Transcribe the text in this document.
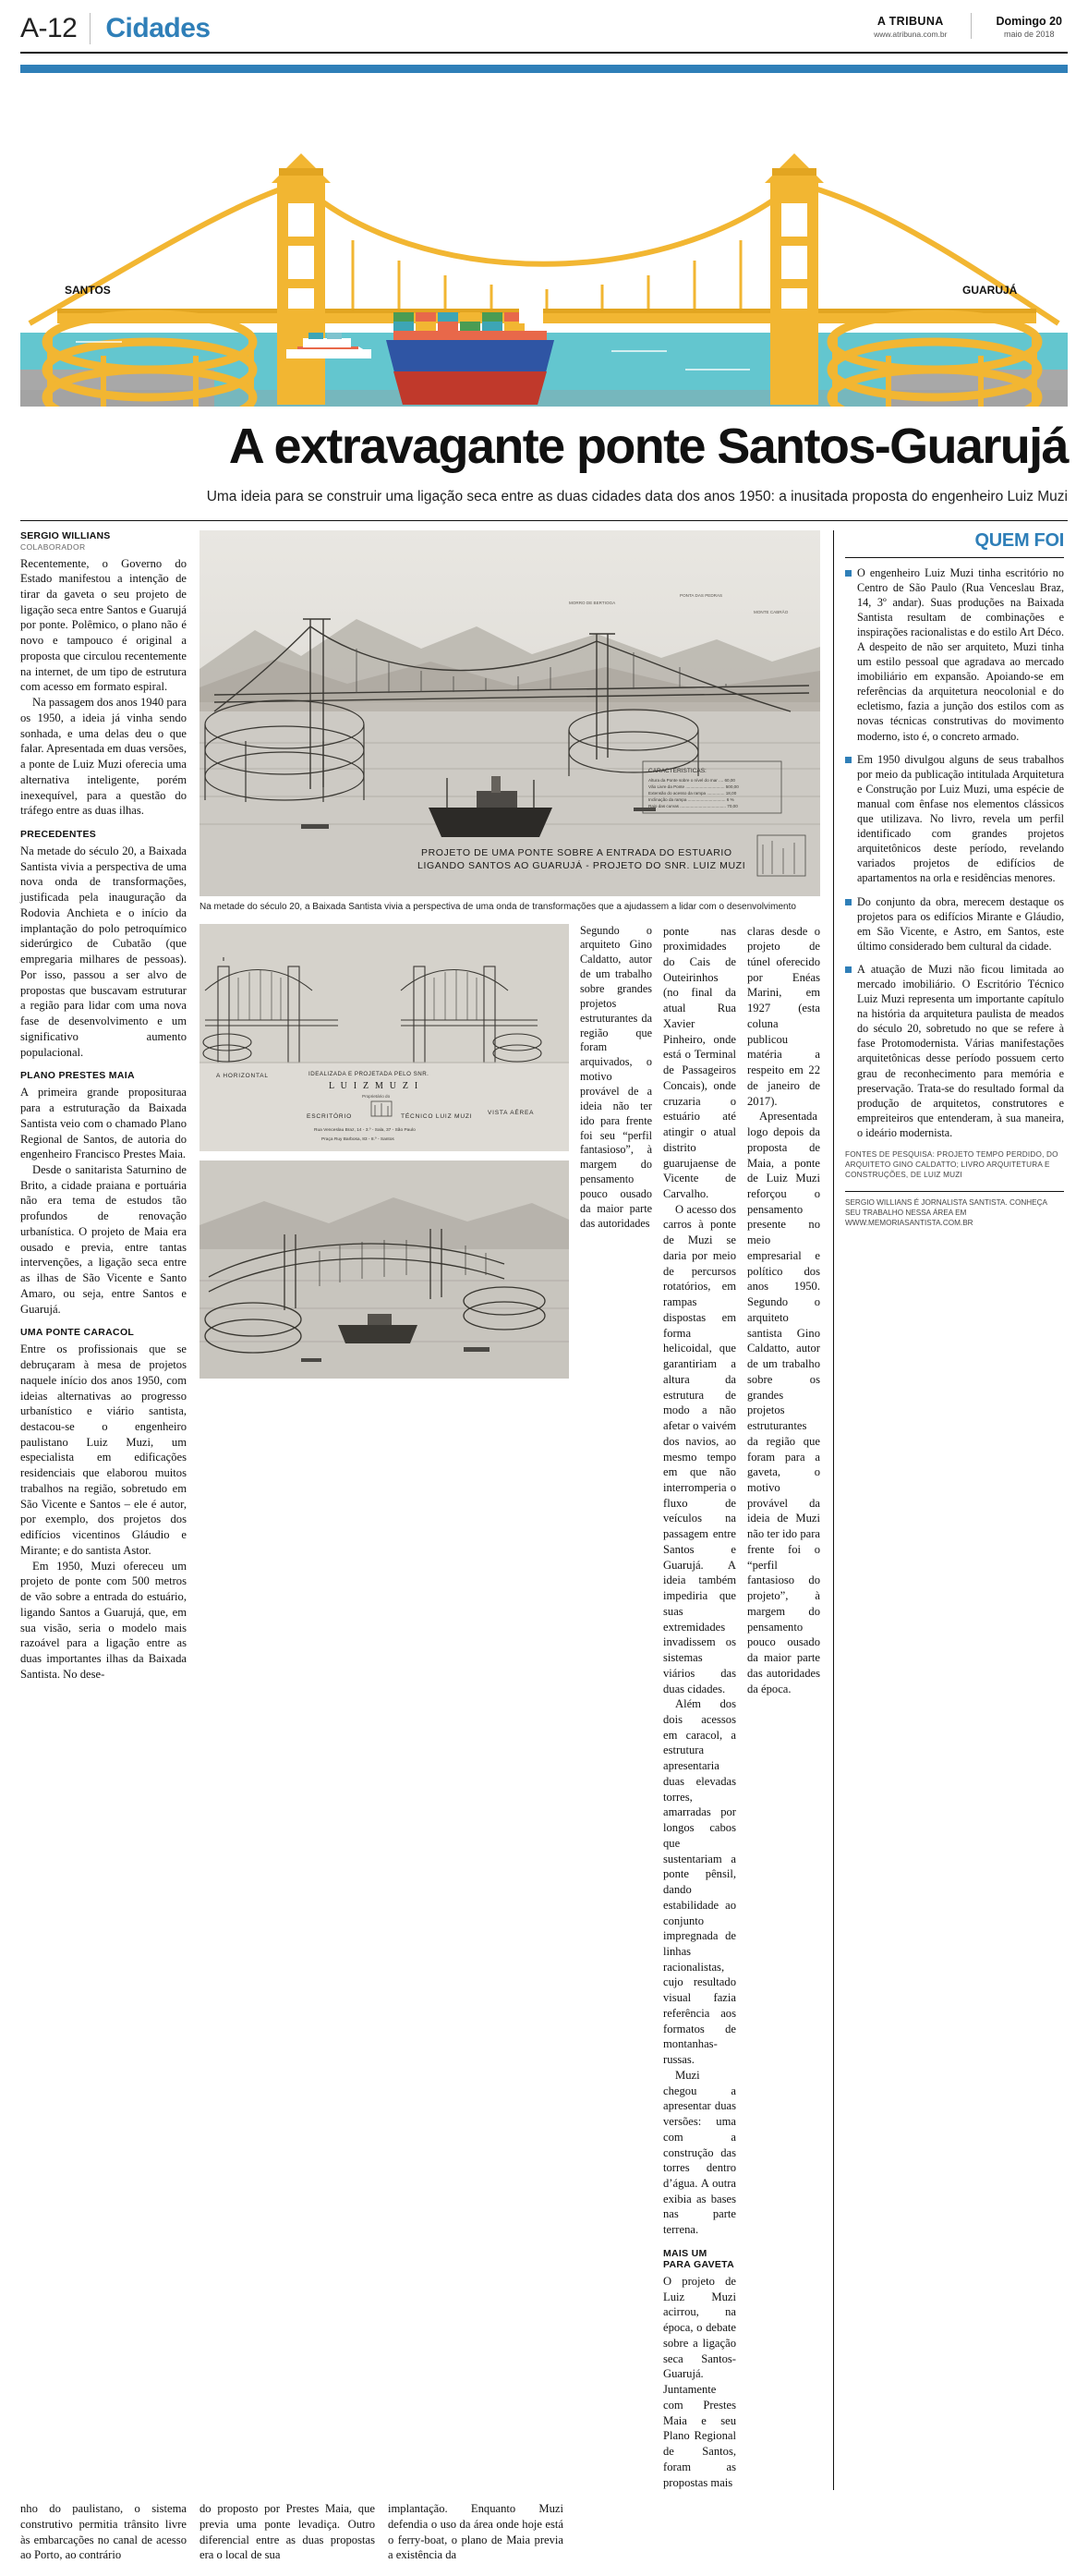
A-12	Cidades	A TRIBUNA
www.atribuna.com.br
Domingo 20
maio de 2018
SANTOS	GUARUJÁ
A extravagante ponte Santos-Guarujá
Uma ideia para se construir uma ligação seca entre as duas cidades data dos anos 1950: a inusitada proposta do engenheiro Luiz Muzi
SERGIO WILLIANS
COLABORADOR

Recentemente, o Governo do Estado manifestou a intenção de tirar da gaveta o seu projeto de ligação seca entre Santos e Guarujá por ponte. Polêmico, o plano não é novo e tampouco é original a proposta que circulou recentemente na internet, de um tipo de estrutura com acesso em formato espiral.

Na passagem dos anos 1940 para os 1950, a ideia já vinha sendo sonhada, e uma delas deu o que falar. Apresentada em duas versões, a ponte de Luiz Muzi oferecia uma alternativa inteligente, porém inexequível, para a questão do tráfego entre as duas ilhas.

PRECEDENTES

Na metade do século 20, a Baixada Santista vivia a perspectiva de uma nova onda de transformações, justificada pela inauguração da Rodovia Anchieta e o início da implantação do polo petroquímico siderúrgico de Cubatão (que empregaria milhares de pessoas). Por isso, passou a ser alvo de propostas que buscavam estruturar a região para lidar com uma nova fase de desenvolvimento e um significativo aumento populacional.

PLANO PRESTES MAIA

A primeira grande proposituraa para a estruturação da Baixada Santista veio com o chamado Plano Regional de Santos, de autoria do engenheiro Francisco Prestes Maia.

Desde o sanitarista Saturnino de Brito, a cidade praiana e portuária não era tema de estudos tão profundos de renovação urbanística. O projeto de Maia era ousado e previa, entre tantas intervenções, a ligação seca entre as ilhas de São Vicente e Santo Amaro, ou seja, entre Santos e Guarujá.

UMA PONTE CARACOL

Entre os profissionais que se debruçaram à mesa de projetos naquele início dos anos 1950, com ideias alternativas ao progresso urbanístico e viário santista, destacou-se o engenheiro paulistano Luiz Muzi, um especialista em edificações residenciais que elaborou muitos trabalhos na região, sobretudo em São Vicente e Santos – ele é autor, por exemplo, dos projetos dos edifícios vicentinos Gláudio e Mirante; e do santista Astor.

Em 1950, Muzi ofereceu um projeto de ponte com 500 metros de vão sobre a entrada do estuário, ligando Santos a Guarujá, que, em sua visão, seria o modelo mais razoável para a ligação entre as duas importantes ilhas da Baixada Santista. No dese-

CARACTERISTICAS:
Altura da Ponte sobre o nível do mar .... 60,00
Vão Livre da Ponte ................................. 500,00
Extensão do acesso da rampa ............... 18,00
Inclinação da rampa ................................ 6 %
Raio das curvas ....................................... 70,00
PROJETO DE UMA PONTE SOBRE A ENTRADA DO ESTUARIO
LIGANDO SANTOS AO GUARUJÁ - PROJETO DO SNR. LUIZ MUZI
MORRO DE BERTIOGA
PONTA DAS PEDRAS
MONTE CABRÃO
Na metade do século 20, a Baixada Santista vivia a perspectiva de uma onda de transformações que a ajudassem a lidar com o desenvolvimento
A HORIZONTAL	IDEALIZADA E PROJETADA PELO SNR.
L U I Z M U Z I
Proprietário do
ESCRITÓRIO	TÉCNICO LUIZ MUZI
Rua Venceslau Braz, 14 - 3.º - Sala, 37 - São Paulo
Praça Ruy Barbosa, 83 - 8.º - Santos
VISTA AÉREA
Segundo o arquiteto Gino Caldatto, autor de um trabalho sobre grandes projetos estruturantes da região que foram arquivados, o motivo provável de a ideia não ter ido para frente foi seu “perfil fantasioso”, à margem do pensamento pouco ousado da maior parte das autoridades

ponte nas proximidades do Cais de Outeirinhos (no final da atual Rua Xavier Pinheiro, onde está o Terminal de Passageiros Concais), onde cruzaria o estuário até atingir o atual distrito guarujaense de Vicente de Carvalho.

O acesso dos carros à ponte de Muzi se daria por meio de percursos rotatórios, em rampas dispostas em forma helicoidal, que garantiriam a altura da estrutura de modo a não afetar o vaivém dos navios, ao mesmo tempo em que não interromperia o fluxo de veículos na passagem entre Santos e Guarujá. A ideia também impediria que suas extremidades invadissem os sistemas viários das duas cidades.

Além dos dois acessos em caracol, a estrutura apresentaria duas elevadas torres, amarradas por longos cabos que sustentariam a ponte pênsil, dando estabilidade ao conjunto impregnada de linhas racionalistas, cujo resultado visual fazia referência aos formatos de montanhas-russas.

Muzi chegou a apresentar duas versões: uma com a construção das torres dentro d’água. A outra exibia as bases nas parte terrena.

MAIS UM PARA GAVETA

O projeto de Luiz Muzi acirrou, na época, o debate sobre a ligação seca Santos-Guarujá. Juntamente com Prestes Maia e seu Plano Regional de Santos, foram as propostas mais

claras desde o projeto de túnel oferecido por Enéas Marini, em 1927 (esta coluna publicou matéria a respeito em 22 de janeiro de 2017).

Apresentada logo depois da proposta de Maia, a ponte de Luiz Muzi reforçou o pensamento presente no meio empresarial e político dos anos 1950. Segundo o arquiteto santista Gino Caldatto, autor de um trabalho sobre os grandes projetos estruturantes da região que foram para a gaveta, o motivo provável da ideia de Muzi não ter ido para frente foi o “perfil fantasioso do projeto”, à margem do pensamento pouco ousado da maior parte das autoridades da época.

QUEM FOI
O engenheiro Luiz Muzi tinha escritório no Centro de São Paulo (Rua Venceslau Braz, 14, 3º andar). Suas produções na Baixada Santista resultam de combinações e inspirações racionalistas e do estilo Art Déco. A despeito de não ser arquiteto, Muzi tinha um estilo pessoal que agradava ao mercado imobiliário em expansão. Apoiando-se em referências da arquitetura neocolonial e do ecletismo, fazia a junção dos estilos com as novas técnicas construtivas do movimento moderno, isto é, o concreto armado.
Em 1950 divulgou alguns de seus trabalhos por meio da publicação intitulada Arquitetura e Construção por Luiz Muzi, uma espécie de manual com ênfase nos elementos clássicos que utilizava. No livro, revela um perfil identificado com grandes projetos arquitetônicos deste período, revelando variados projetos de edifícios de apartamentos na orla e residências menores.
Do conjunto da obra, merecem destaque os projetos para os edifícios Mirante e Gláudio, em São Vicente, e Astro, em Santos, este último considerado bem cultural da cidade.
A atuação de Muzi não ficou limitada ao mercado imobiliário. O Escritório Técnico Luiz Muzi representa um importante capítulo na história da arquitetura paulista de meados do século 20, sobretudo no que se refere à fase Protomodernista. Várias manifestações arquitetônicas desse período possuem certo grau de reconhecimento para memória e preservação. Trata-se do resultado formal da produção de arquitetos, construtores e empreiteiros que entenderam, à sua maneira, o ideário modernista.
FONTES DE PESQUISA: PROJETO TEMPO PERDIDO, DO ARQUITETO GINO CALDATTO; LIVRO ARQUITETURA E CONSTRUÇÕES, DE LUIZ MUZI
SERGIO WILLIANS É JORNALISTA SANTISTA. CONHEÇA SEU TRABALHO NESSA ÁREA EM WWW.MEMORIASANTISTA.COM.BR

nho do paulistano, o sistema construtivo permitia trânsito livre às embarcações no canal de acesso ao Porto, ao contrário

do proposto por Prestes Maia, que previa uma ponte levadiça. Outro diferencial entre as duas propostas era o local de sua

implantação. Enquanto Muzi defendia o uso da área onde hoje está o ferry-boat, o plano de Maia previa a existência da
